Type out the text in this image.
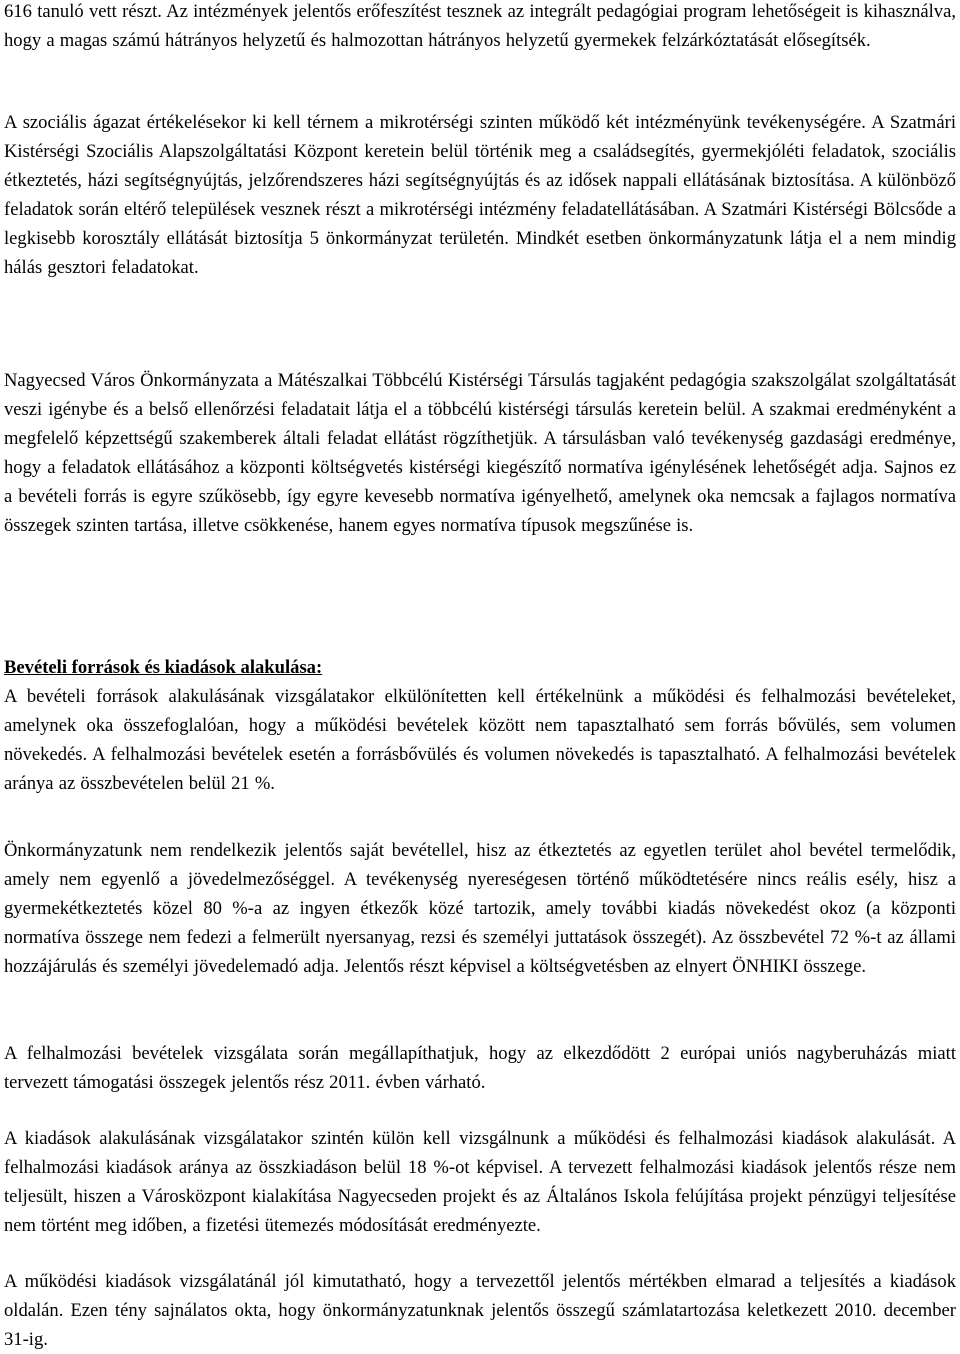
616 tanuló vett részt. Az intézmények jelentős erőfeszítést tesznek az integrált pedagógiai program lehetőségeit is kihasználva, hogy a magas számú hátrányos helyzetű és halmozottan hátrányos helyzetű gyermekek felzárkóztatását elősegítsék.

A szociális ágazat értékelésekor ki kell térnem a mikrotérségi szinten működő két intézményünk tevékenységére. A Szatmári Kistérségi Szociális Alapszolgáltatási Központ keretein belül történik meg a családsegítés, gyermekjóléti feladatok, szociális étkeztetés, házi segítségnyújtás, jelzőrendszeres házi segítségnyújtás és az idősek nappali ellátásának biztosítása. A különböző feladatok során eltérő települések vesznek részt a mikrotérségi intézmény feladatellátásában. A Szatmári Kistérségi Bölcsőde a legkisebb korosztály ellátását biztosítja 5 önkormányzat területén. Mindkét esetben önkormányzatunk látja el a nem mindig hálás gesztori feladatokat.

Nagyecsed Város Önkormányzata a Mátészalkai Többcélú Kistérségi Társulás tagjaként pedagógia szakszolgálat szolgáltatását veszi igénybe és a belső ellenőrzési feladatait látja el a többcélú kistérségi társulás keretein belül. A szakmai eredményként a megfelelő képzettségű szakemberek általi feladat ellátást rögzíthetjük. A társulásban való tevékenység gazdasági eredménye, hogy a feladatok ellátásához a központi költségvetés kistérségi kiegészítő normatíva igénylésének lehetőségét adja. Sajnos ez a bevételi forrás is egyre szűkösebb, így egyre kevesebb normatíva igényelhető, amelynek oka nemcsak a fajlagos normatíva összegek szinten tartása, illetve csökkenése, hanem egyes normatíva típusok megszűnése is.

Bevételi források és kiadások alakulása:

A bevételi források alakulásának vizsgálatakor elkülönítetten kell értékelnünk a működési és felhalmozási bevételeket, amelynek oka összefoglalóan, hogy a működési bevételek között nem tapasztalható sem forrás bővülés, sem volumen növekedés. A felhalmozási bevételek esetén a forrásbővülés és volumen növekedés is tapasztalható. A felhalmozási bevételek aránya az összbevételen belül 21 %.

Önkormányzatunk nem rendelkezik jelentős saját bevétellel, hisz az étkeztetés az egyetlen terület ahol bevétel termelődik, amely nem egyenlő a jövedelmezőséggel. A tevékenység nyereségesen történő működtetésére nincs reális esély, hisz a gyermekétkeztetés közel 80 %-a az ingyen étkezők közé tartozik, amely további kiadás növekedést okoz (a központi normatíva összege nem fedezi a felmerült nyersanyag, rezsi és személyi juttatások összegét). Az összbevétel 72 %-t az állami hozzájárulás és személyi jövedelemadó adja. Jelentős részt képvisel a költségvetésben az elnyert ÖNHIKI összege.

A felhalmozási bevételek vizsgálata során megállapíthatjuk, hogy az elkezdődött 2 európai uniós nagyberuházás miatt tervezett támogatási összegek jelentős rész 2011. évben várható.

A kiadások alakulásának vizsgálatakor szintén külön kell vizsgálnunk a működési és felhalmozási kiadások alakulását. A felhalmozási kiadások aránya az összkiadáson belül 18 %-ot képvisel. A tervezett felhalmozási kiadások jelentős része nem teljesült, hiszen a Városközpont kialakítása Nagyecseden projekt és az Általános Iskola felújítása projekt pénzügyi teljesítése nem történt meg időben, a fizetési ütemezés módosítását eredményezte.

A működési kiadások vizsgálatánál jól kimutatható, hogy a tervezettől jelentős mértékben elmarad a teljesítés a kiadások oldalán. Ezen tény sajnálatos okta, hogy önkormányzatunknak jelentős összegű számlatartozása keletkezett 2010. december 31-ig.
